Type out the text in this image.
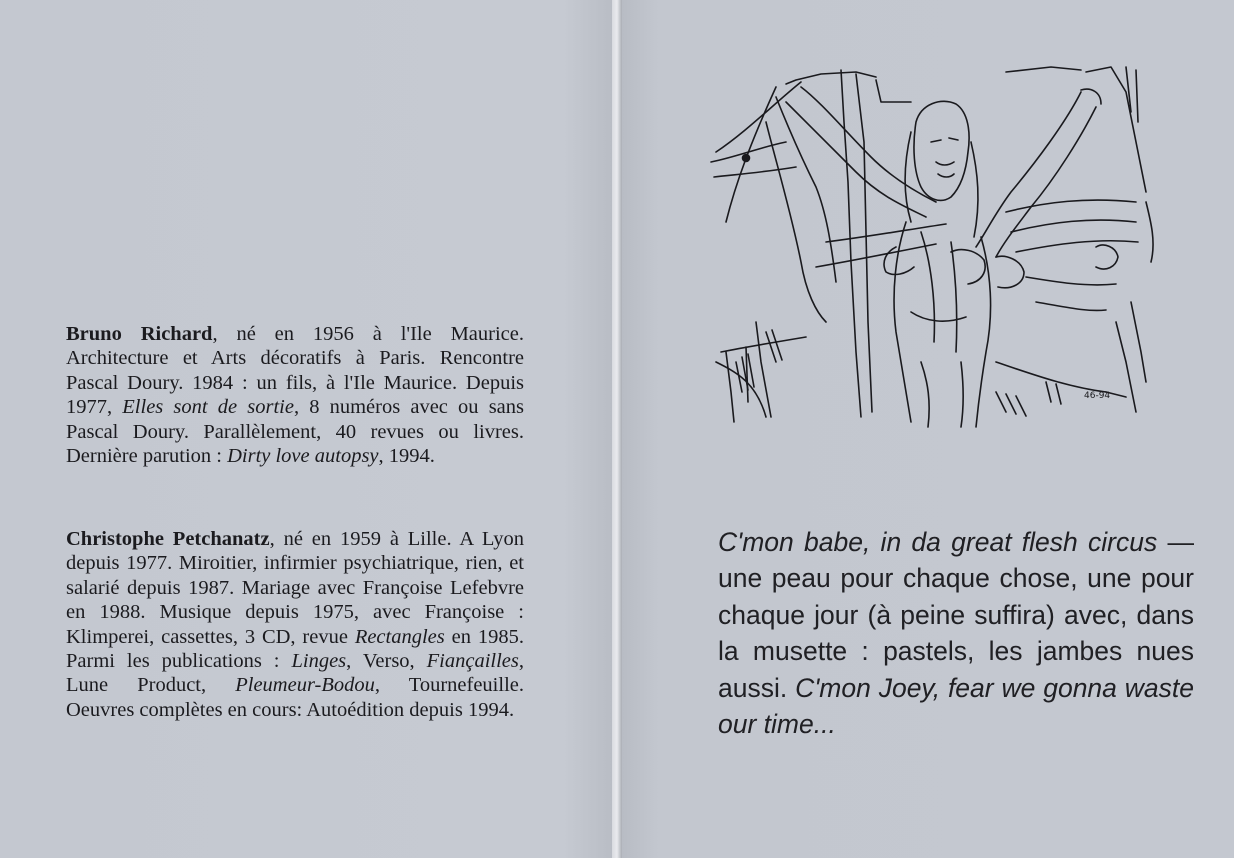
Bruno Richard, né en 1956 à l'Ile Maurice. Architecture et Arts décoratifs à Paris. Rencontre Pascal Doury. 1984 : un fils, à l'Ile Maurice. Depuis 1977, Elles sont de sortie, 8 numéros avec ou sans Pascal Doury. Parallèlement, 40 revues ou livres. Dernière parution : Dirty love autopsy, 1994.
Christophe Petchanatz, né en 1959 à Lille. A Lyon depuis 1977. Miroitier, infirmier psychiatrique, rien, et salarié depuis 1987. Mariage avec Françoise Lefebvre en 1988. Musique depuis 1975, avec Françoise : Klimperei, cassettes, 3 CD, revue Rectangles en 1985. Parmi les publications : Linges, Verso, Fiançailles, Lune Product, Pleumeur-Bodou, Tournefeuille. Oeuvres complètes en cours: Autoédition depuis 1994.
46-94
C'mon babe, in da great flesh circus —une peau pour chaque chose, une pour chaque jour (à peine suffira) avec, dans la musette : pastels, les jambes nues aussi. C'mon Joey, fear we gonna waste our time...
